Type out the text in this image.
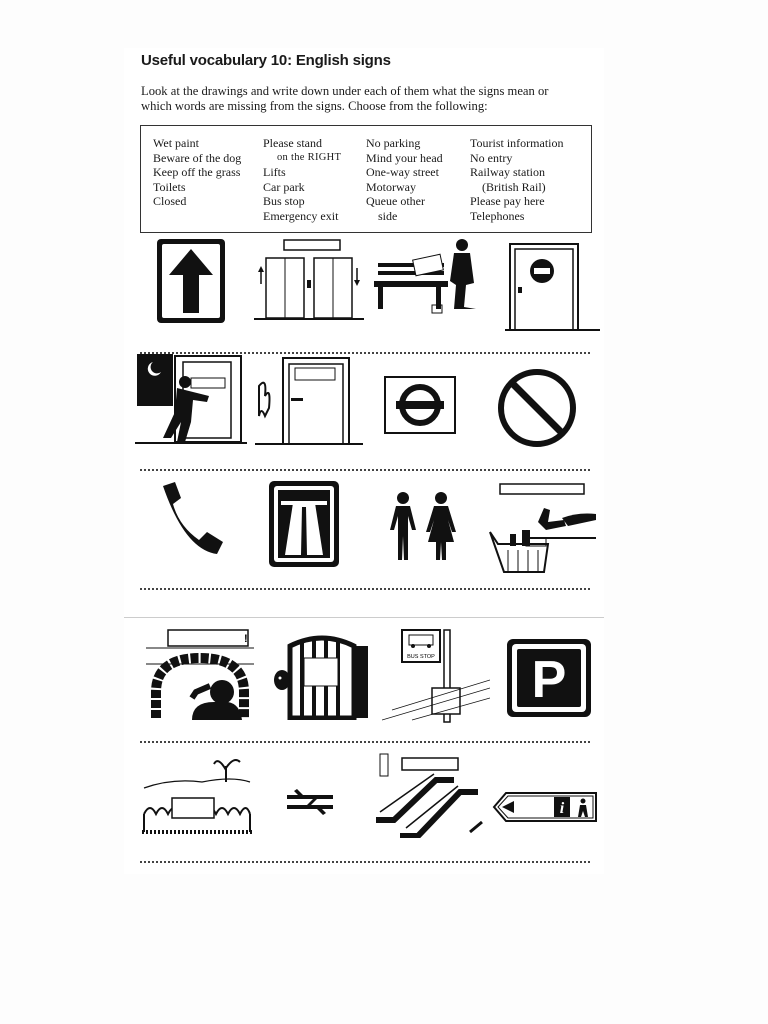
Useful vocabulary 10: English signs
Look at the drawings and write down under each of them what the signs mean or
which words are missing from the signs. Choose from the following:
Wet paint
Beware of the dog
Keep off the grass
Toilets
Closed
Please stand
on the RIGHT
Lifts
Car park
Bus stop
Emergency exit
No parking
Mind your head
One-way street
Motorway
Queue other
side
Tourist information
No entry
Railway station
(British Rail)
Please pay here
Telephones
!
BUS STOP P
i
